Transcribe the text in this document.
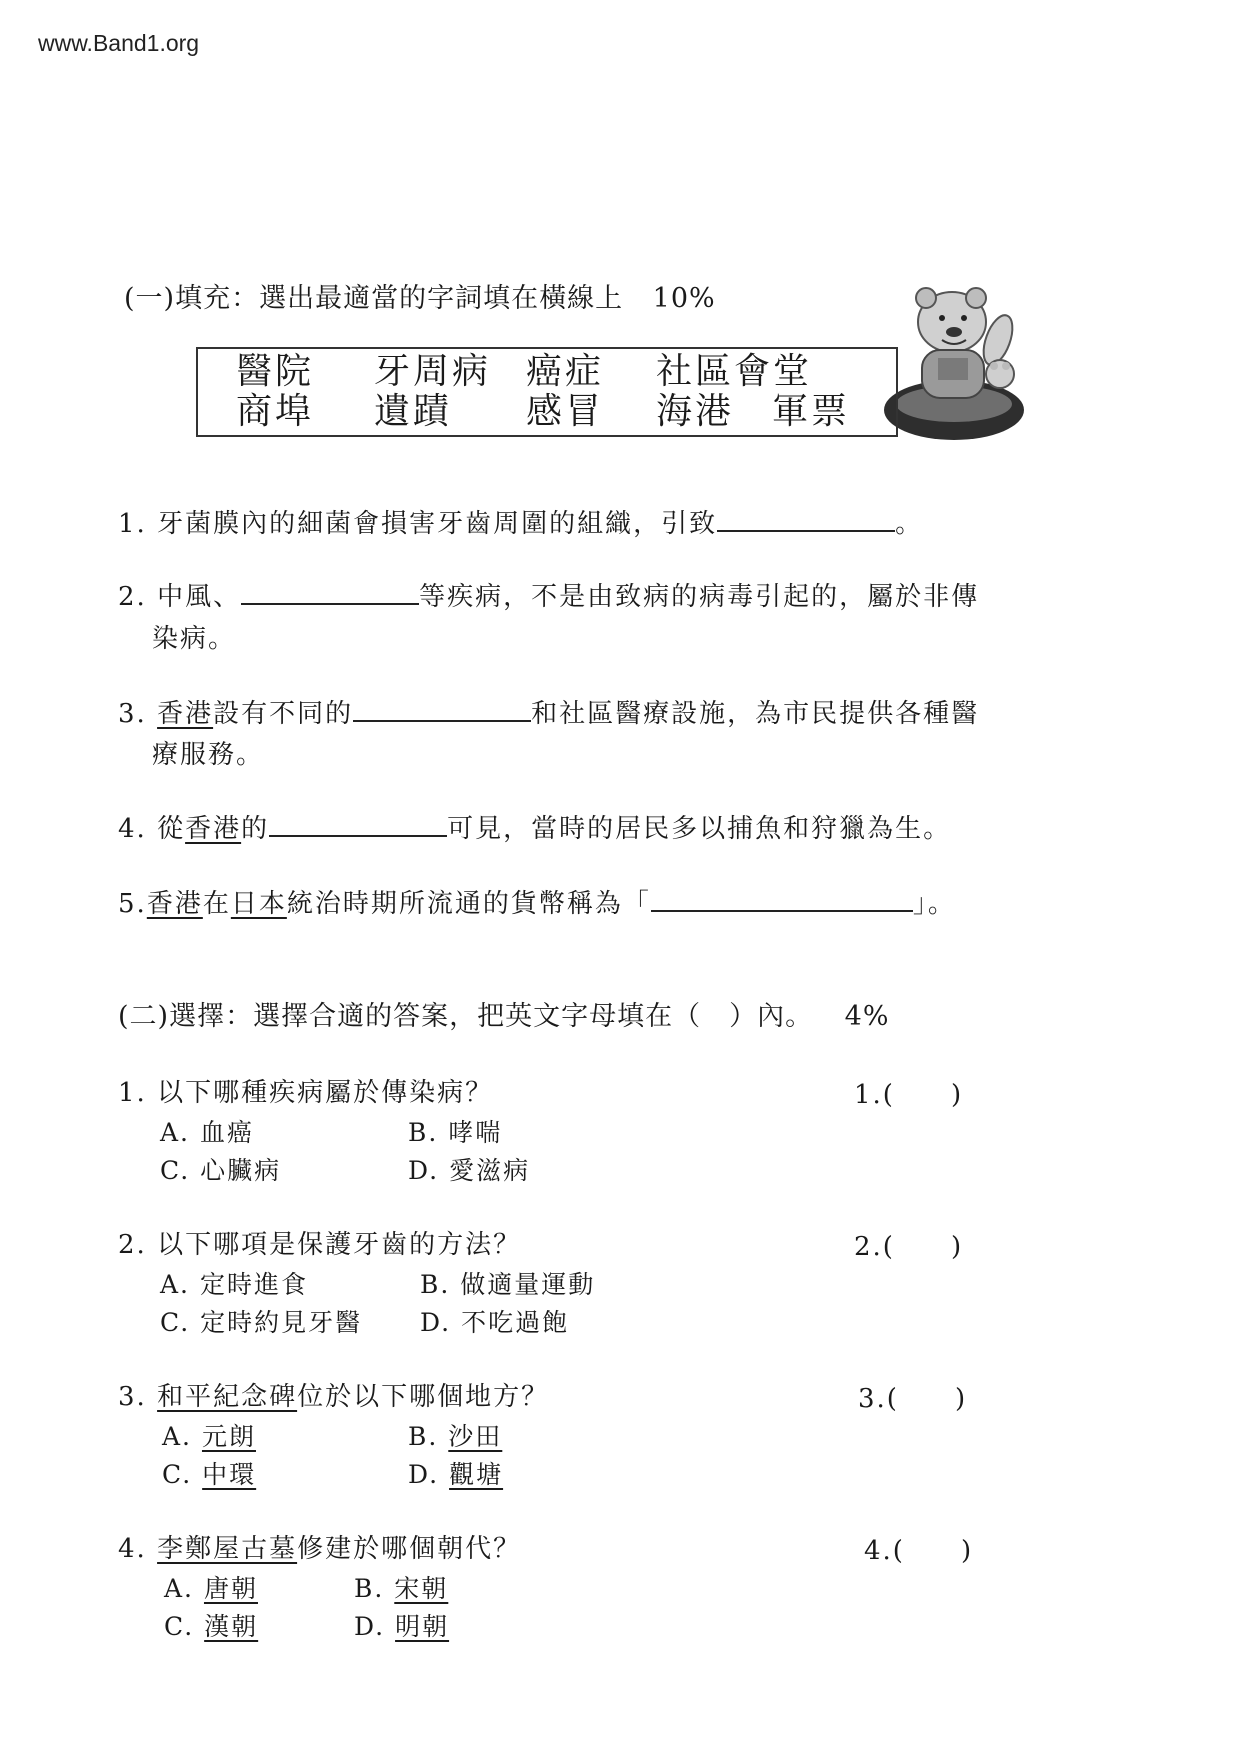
www.Band1.org
(一)填充：選出最適當的字詞填在橫線上 10%
醫院 牙周病 癌症 社區會堂
商埠 遺蹟 感冒 海港 軍票
1. 牙菌膜內的細菌會損害牙齒周圍的組織，引致	。
2. 中風、	等疾病，不是由致病的病毒引起的，屬於非傳
染病。
3. 香港設有不同的	和社區醫療設施，為市民提供各種醫
療服務。
4. 從香港的	可見，當時的居民多以捕魚和狩獵為生。
5.香港在日本統治時期所流通的貨幣稱為「	」。
(二)選擇：選擇合適的答案，把英文字母填在（　）內。 4%
1. 以下哪種疾病屬於傳染病？	1.(　　)
A. 血癌	B. 哮喘
C. 心臟病	D. 愛滋病
2. 以下哪項是保護牙齒的方法？	2.(　　)
A. 定時進食	B. 做適量運動
C. 定時約見牙醫 D. 不吃過飽
3. 和平紀念碑位於以下哪個地方？	3.(　　)
A. 元朗	B. 沙田
C. 中環	D. 觀塘
4. 李鄭屋古墓修建於哪個朝代？	4.(　　)
A. 唐朝	B. 宋朝
C. 漢朝	D. 明朝
